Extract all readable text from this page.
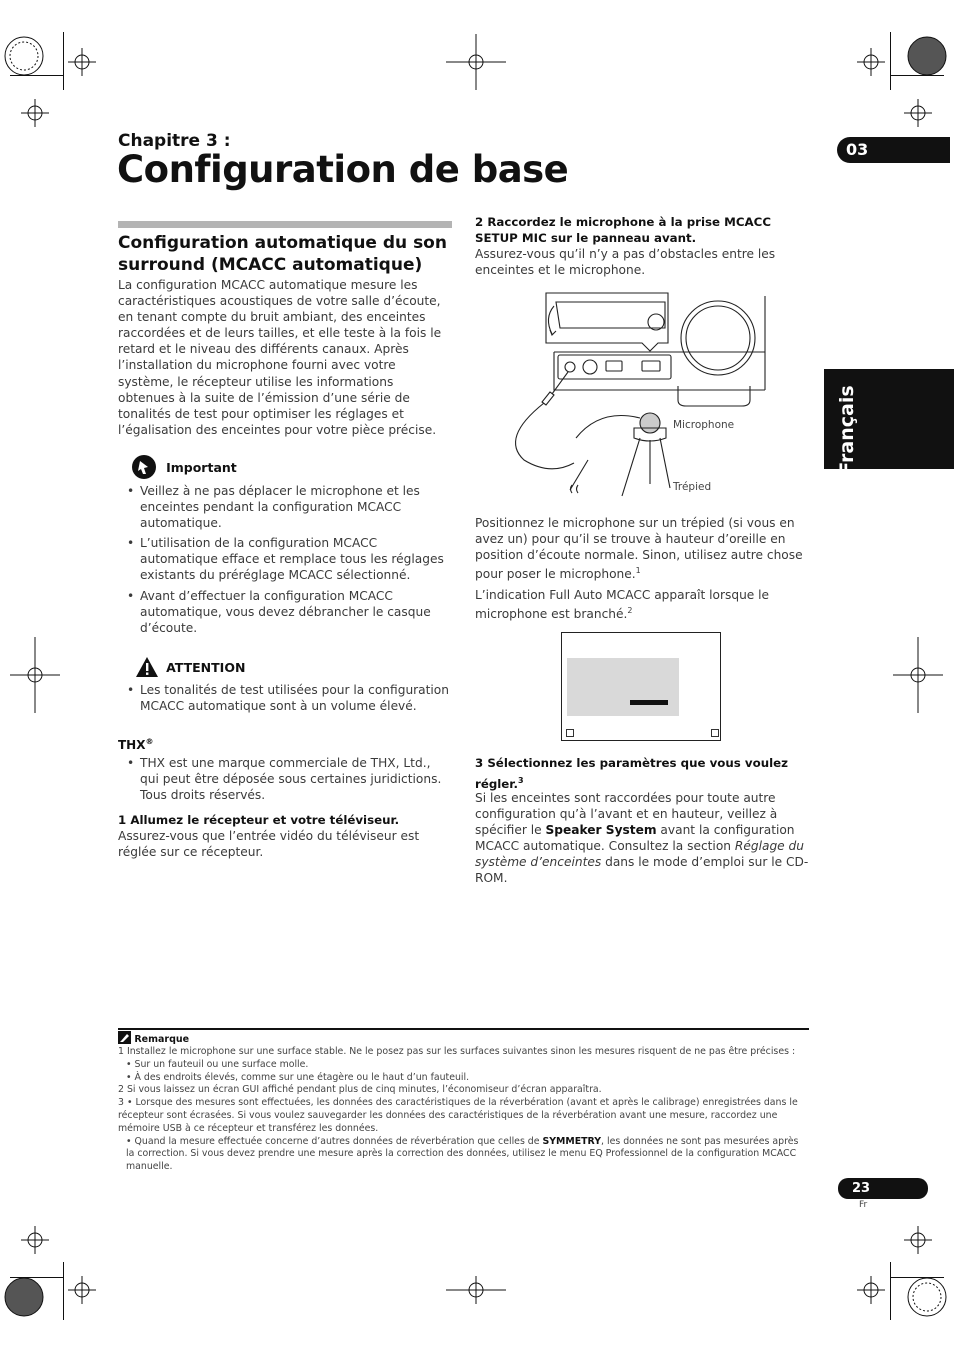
Chapitre 3 :
Configuration de base	03
Français
Configuration automatique du son surround (MCACC automatique)
La configuration MCACC automatique mesure les caractéristiques acoustiques de votre salle d’écoute, en tenant compte du bruit ambiant, des enceintes raccordées et de leurs tailles, et elle teste à la fois le retard et le niveau des différents canaux. Après l’installation du microphone fourni avec votre système, le récepteur utilise les informations obtenues à la suite de l’émission d’une série de tonalités de test pour optimiser les réglages et l’égalisation des enceintes pour votre pièce précise.
Important
• Veillez à ne pas déplacer le microphone et les enceintes pendant la configuration MCACC automatique.
• L’utilisation de la configuration MCACC automatique efface et remplace tous les réglages existants du préréglage MCACC sélectionné.
• Avant d’effectuer la configuration MCACC automatique, vous devez débrancher le casque d’écoute.
ATTENTION
• Les tonalités de test utilisées pour la configuration MCACC automatique sont à un volume élevé.
THX®
• THX est une marque commerciale de THX, Ltd., qui peut être déposée sous certaines juridictions. Tous droits réservés.
1 Allumez le récepteur et votre téléviseur.
Assurez-vous que l’entrée vidéo du téléviseur est réglée sur ce récepteur.
2 Raccordez le microphone à la prise MCACC SETUP MIC sur le panneau avant.
Assurez-vous qu’il n’y a pas d’obstacles entre les enceintes et le microphone.
Microphone
Trépied
Positionnez le microphone sur un trépied (si vous en avez un) pour qu’il se trouve à hauteur d’oreille en position d’écoute normale. Sinon, utilisez autre chose pour poser le microphone.$^1$
L’indication Full Auto MCACC apparaît lorsque le microphone est branché.$^2$
3 Sélectionnez les paramètres que vous voulez régler.$^3$
Si les enceintes sont raccordées pour toute autre configuration qu’à l’avant et en hauteur, veillez à spécifier le Speaker System avant la configuration MCACC automatique. Consultez la section Réglage du système d’enceintes dans le mode d’emploi sur le CD-ROM.
Remarque
1 Installez le microphone sur une surface stable. Ne le posez pas sur les surfaces suivantes sinon les mesures risquent de ne pas être précises :
• Sur un fauteuil ou une surface molle.
• À des endroits élevés, comme sur une étagère ou le haut d’un fauteuil.
2 Si vous laissez un écran GUI affiché pendant plus de cinq minutes, l’économiseur d’écran apparaîtra.
3 • Lorsque des mesures sont effectuées, les données des caractéristiques de la réverbération (avant et après le calibrage) enregistrées dans le récepteur sont écrasées. Si vous voulez sauvegarder les données des caractéristiques de la réverbération avant une mesure, raccordez une mémoire USB à ce récepteur et transférez les données.
• Quand la mesure effectuée concerne d’autres données de réverbération que celles de SYMMETRY, les données ne sont pas mesurées après la correction. Si vous devez prendre une mesure après la correction des données, utilisez le menu EQ Professionnel de la configuration MCACC manuelle.
23
Fr
